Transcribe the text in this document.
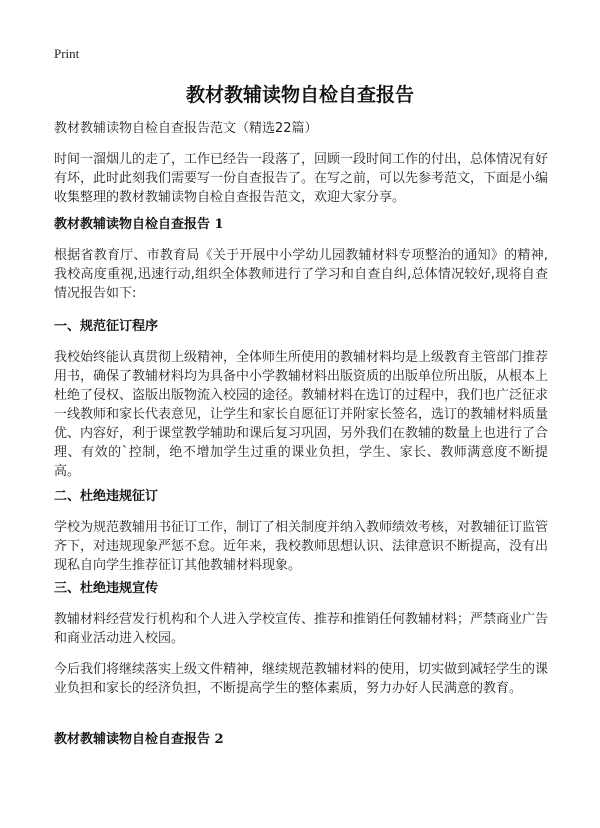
Print
教材教辅读物自检自查报告
教材教辅读物自检自查报告范文（精选22篇）
时间一溜烟儿的走了，工作已经告一段落了，回顾一段时间工作的付出，总体情况有好有坏，此时此刻我们需要写一份自查报告了。在写之前，可以先参考范文，下面是小编收集整理的教材教辅读物自检自查报告范文，欢迎大家分享。
教材教辅读物自检自查报告 1
根据省教育厅、市教育局《关于开展中小学幼儿园教辅材料专项整治的通知》的精神,我校高度重视,迅速行动,组织全体教师进行了学习和自查自纠,总体情况较好,现将自查情况报告如下:
一、规范征订程序
我校始终能认真贯彻上级精神，全体师生所使用的教辅材料均是上级教育主管部门推荐用书，确保了教辅材料均为具备中小学教辅材料出版资质的出版单位所出版，从根本上杜绝了侵权、盗版出版物流入校园的途径。教辅材料在选订的过程中，我们也广泛征求一线教师和家长代表意见，让学生和家长自愿征订并附家长签名，选订的教辅材料质量优、内容好，利于课堂教学辅助和课后复习巩固，另外我们在教辅的数量上也进行了合理、有效的`控制，绝不增加学生过重的课业负担，学生、家长、教师满意度不断提高。
二、杜绝违规征订
学校为规范教辅用书征订工作，制订了相关制度并纳入教师绩效考核，对教辅征订监管齐下，对违规现象严惩不怠。近年来，我校教师思想认识、法律意识不断提高，没有出现私自向学生推荐征订其他教辅材料现象。
三、杜绝违规宣传
教辅材料经营发行机构和个人进入学校宣传、推荐和推销任何教辅材料；严禁商业广告和商业活动进入校园。
今后我们将继续落实上级文件精神，继续规范教辅材料的使用，切实做到减轻学生的课业负担和家长的经济负担，不断提高学生的整体素质，努力办好人民满意的教育。
教材教辅读物自检自查报告 2
